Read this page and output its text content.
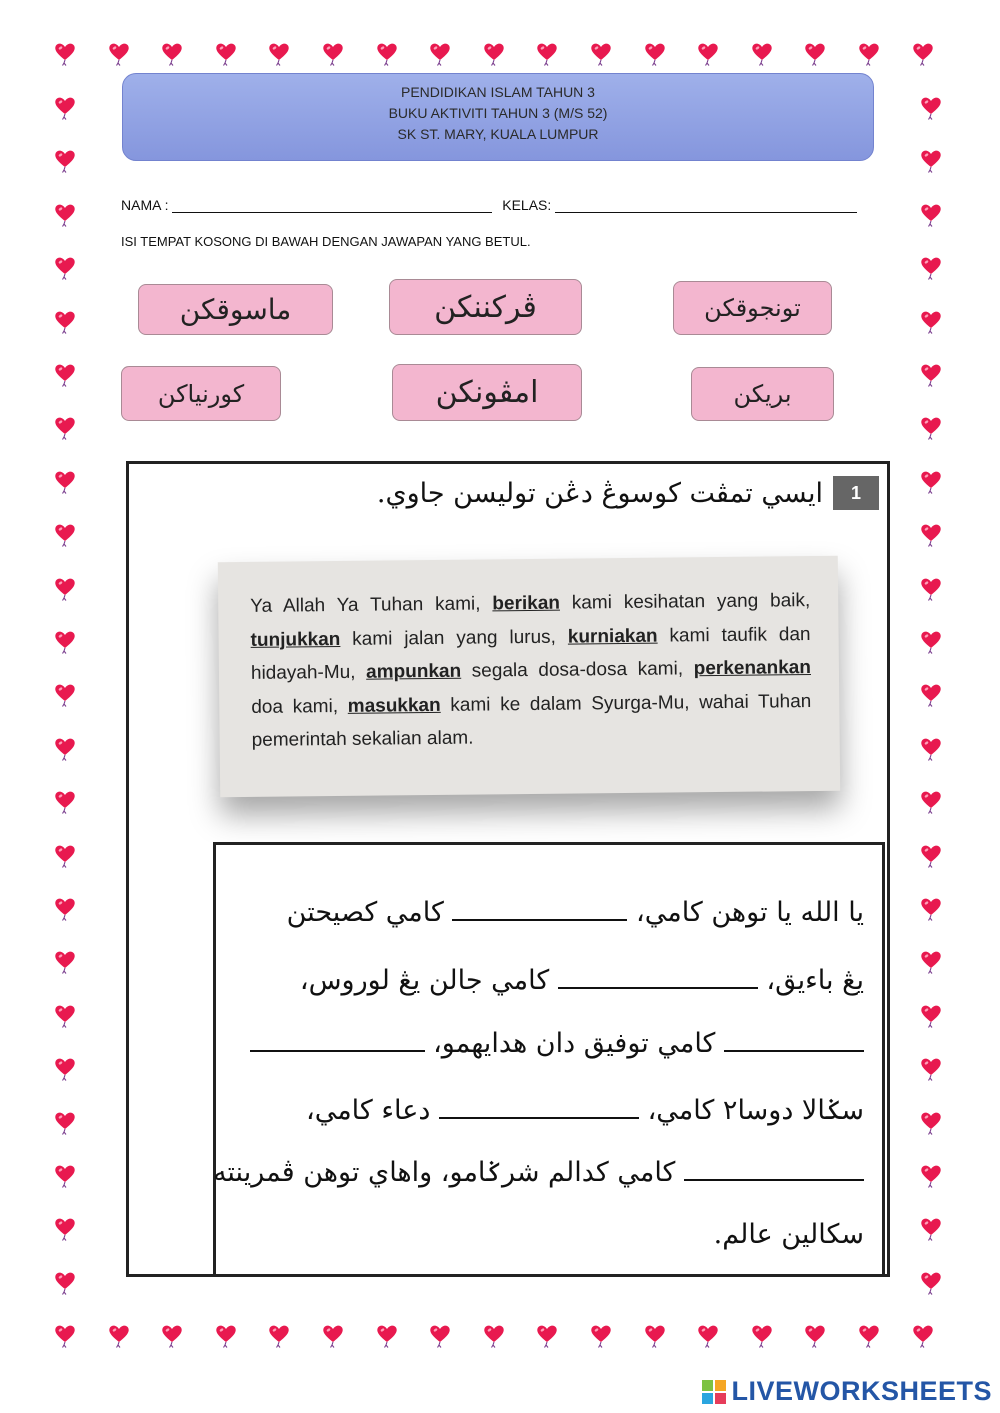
PENDIDIKAN ISLAM TAHUN 3
BUKU AKTIVITI TAHUN 3 (M/S 52)
SK ST. MARY, KUALA LUMPUR
NAMA :	KELAS:
ISI TEMPAT KOSONG DI BAWAH DENGAN JAWAPAN YANG BETUL.
ماسوقكن	ڤركننكن	تونجوقكن
كورنياكن	امڤونكن	بريكن
ايسي تمڤت كوسوڠ دڠن توليسن جاوي.	1
Ya Allah Ya Tuhan kami, berikan kami kesihatan yang baik, tunjukkan kami jalan yang lurus, kurniakan kami taufik dan hidayah-Mu, ampunkan segala dosa-dosa kami, perkenankan doa kami, masukkan kami ke dalam Syurga-Mu, wahai Tuhan pemerintah sekalian alam.
يا الله يا توهن كامي،  كامي كصيحتن
يڠ باءيق،  كامي جالن يڠ لوروس،
كامي توفيق دان هدايهمو،
سݢالا دوسا٢ كامي،  دعاء كامي،
كامي كدالم شرݢامو، واهاي توهن ڤمرينته
سكالين عالم.
LIVEWORKSHEETS
